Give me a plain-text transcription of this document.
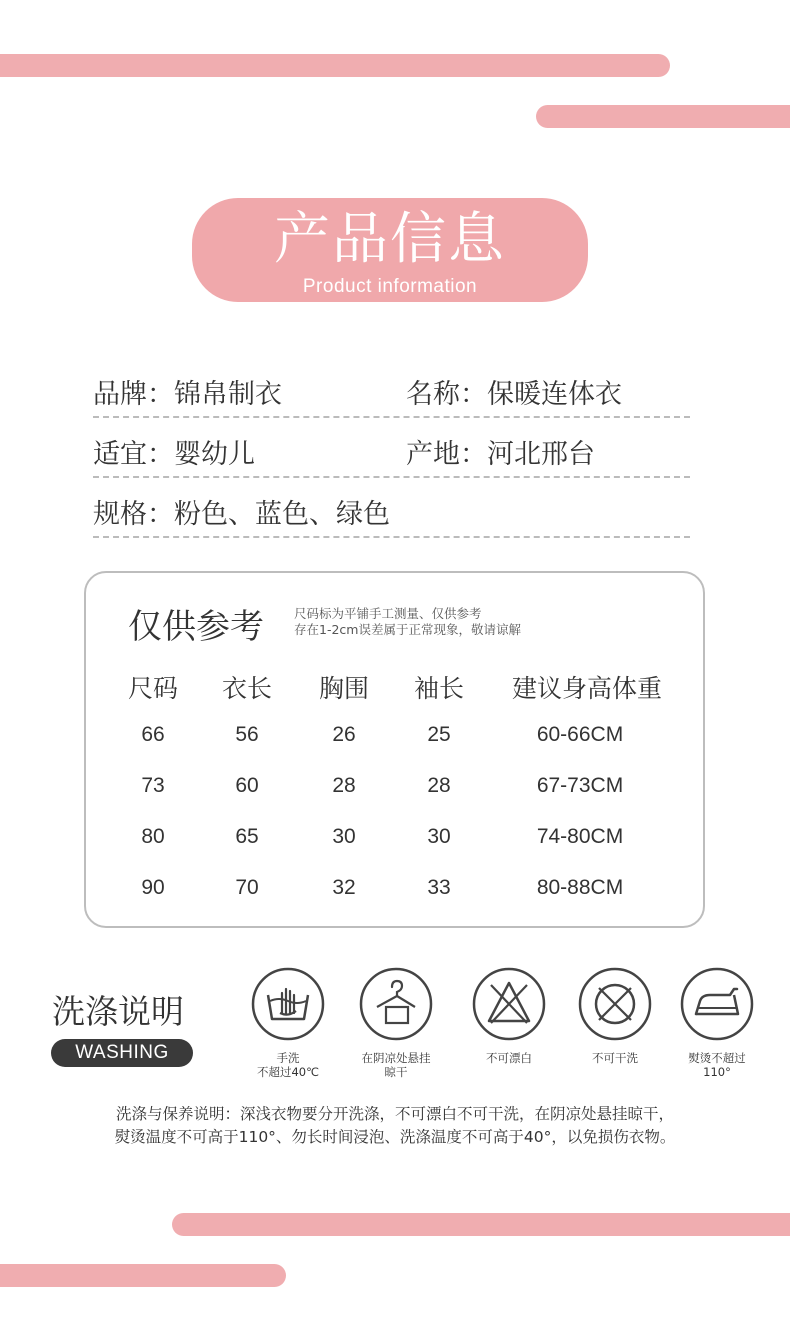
产品信息
Product information
品牌：锦帛制衣	名称：保暖连体衣
适宜：婴幼儿	产地：河北邢台
规格：粉色、蓝色、绿色
仅供参考 尺码标为平铺手工测量、仅供参考
存在1-2cm误差属于正常现象，敬请谅解
尺码 衣长 胸围 袖长 建议身高体重
66	56	26	25	60-66CM
73	60	28	28	67-73CM
80	65	30	30	74-80CM
90	70	32	33	80-88CM
洗涤说明
WASHING	手洗
不超过40℃
在阴凉处悬挂
晾干
不可漂白	不可干洗	熨烫不超过
110°
洗涤与保养说明：深浅衣物要分开洗涤，不可漂白不可干洗，在阴凉处悬挂晾干，
熨烫温度不可高于110°、勿长时间浸泡、洗涤温度不可高于40°，以免损伤衣物。
